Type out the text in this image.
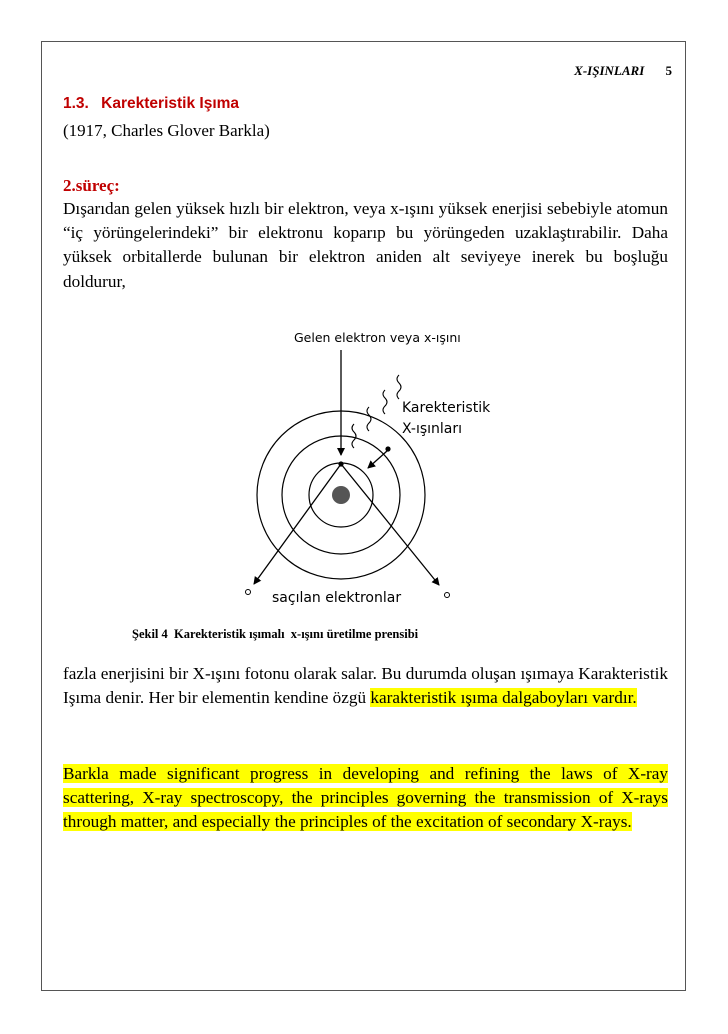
X-IŞINLARI 5
1.3. Karekteristik Işıma
(1917, Charles Glover Barkla)
2.süreç:
Dışarıdan gelen yüksek hızlı bir elektron, veya x-ışını yüksek enerjisi sebebiyle atomun “iç yörüngelerindeki” bir elektronu koparıp bu yörüngeden uzaklaştırabilir. Daha yüksek orbitallerde bulunan bir elektron aniden alt seviyeye inerek bu boşluğu doldurur,
Gelen elektron veya x-ışını
Karekteristik
X-ışınları
saçılan elektronlar
Şekil 4  Karekteristik ışımalı  x-ışını üretilme prensibi
fazla enerjisini bir X-ışını fotonu olarak salar. Bu durumda oluşan ışımaya Karakteristik Işıma denir. Her bir elementin kendine özgü karakteristik ışıma dalgaboyları vardır.
Barkla made significant progress in developing and refining the laws of X-ray scattering, X-ray spectroscopy, the principles governing the transmission of X-rays through matter, and especially the principles of the excitation of secondary X-rays.
